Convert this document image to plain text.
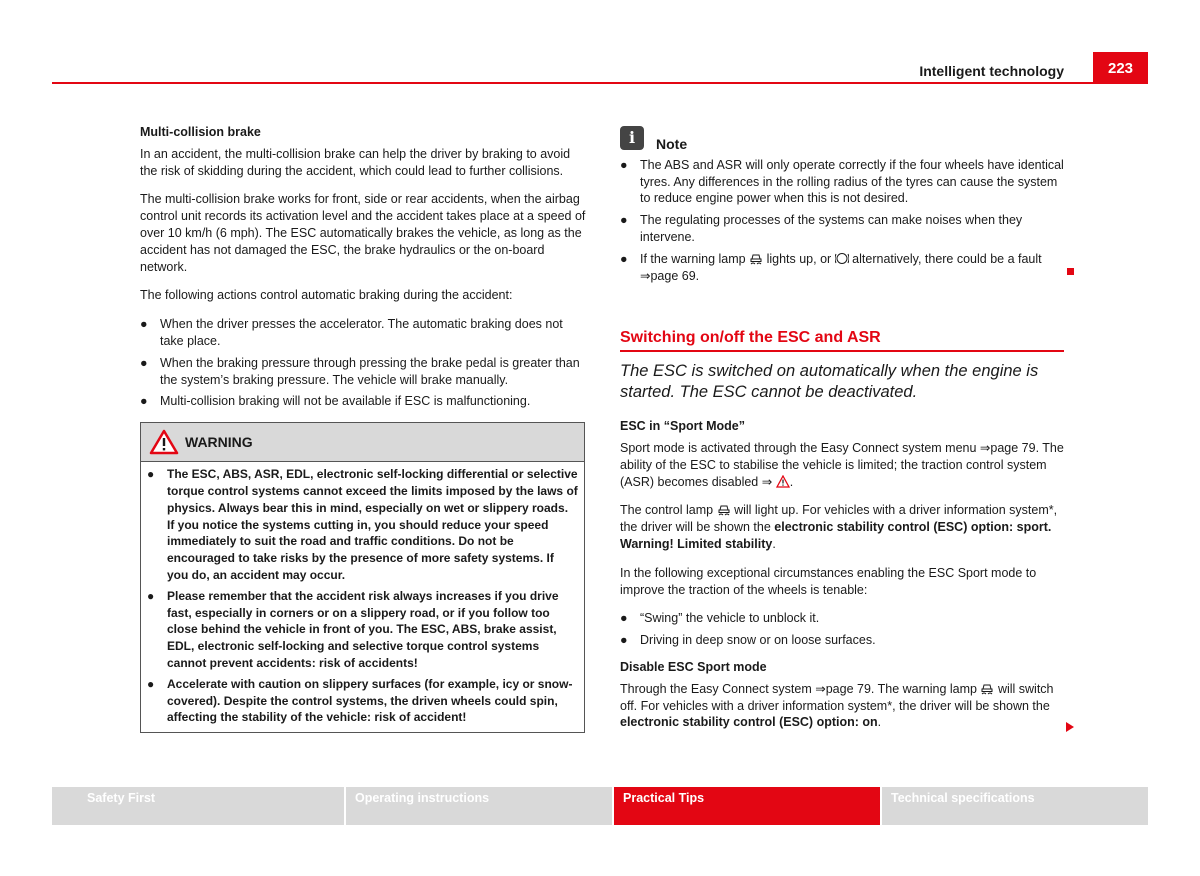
Intelligent technology	223
Multi-collision brake

In an accident, the multi-collision brake can help the driver by braking to avoid the risk of skidding during the accident, which could lead to further collisions.

The multi-collision brake works for front, side or rear accidents, when the airbag control unit records its activation level and the accident takes place at a speed of over 10 km/h (6 mph). The ESC automatically brakes the vehicle, as long as the accident has not damaged the ESC, the brake hydraulics or the on-board network.

The following actions control automatic braking during the accident:

● When the driver presses the accelerator. The automatic braking does not take place.
● When the braking pressure through pressing the brake pedal is greater than the system’s braking pressure. The vehicle will brake manually.
● Multi-collision braking will not be available if ESC is malfunctioning.
WARNING
●	The ESC, ABS, ASR, EDL, electronic self-locking differential or selective torque control systems cannot exceed the limits imposed by the laws of physics. Always bear this in mind, especially on wet or slippery roads. If you notice the systems cutting in, you should reduce your speed immediately to suit the road and traffic conditions. Do not be encouraged to take risks by the presence of more safety systems. If you do, an accident may occur.
●	Please remember that the accident risk always increases if you drive fast, especially in corners or on a slippery road, or if you follow too close behind the vehicle in front of you. The ESC, ABS, brake assist, EDL, electronic self-locking and selective torque control systems cannot prevent accidents: risk of accidents!
●	Accelerate with caution on slippery surfaces (for example, icy or snow-covered). Despite the control systems, the driven wheels could spin, affecting the stability of the vehicle: risk of accident!
i	Note
● The ABS and ASR will only operate correctly if the four wheels have identical tyres. Any differences in the rolling radius of the tyres can cause the system to reduce engine power when this is not desired.
● The regulating processes of the systems can make noises when they intervene.
● If the warning lamp lights up, or alternatively, there could be a fault ⇒page 69.
Switching on/off the ESC and ASR
The ESC is switched on automatically when the engine is started. The ESC cannot be deactivated.
ESC in “Sport Mode”

Sport mode is activated through the Easy Connect system menu ⇒page 79. The ability of the ESC to stabilise the vehicle is limited; the traction control system (ASR) becomes disabled ⇒ .

The control lamp will light up. For vehicles with a driver information system*, the driver will be shown the electronic stability control (ESC) option: sport. Warning! Limited stability.

In the following exceptional circumstances enabling the ESC Sport mode to improve the traction of the wheels is tenable:

● “Swing” the vehicle to unblock it.
● Driving in deep snow or on loose surfaces.
Disable ESC Sport mode

Through the Easy Connect system ⇒page 79. The warning lamp will switch off. For vehicles with a driver information system*, the driver will be shown the electronic stability control (ESC) option: on.

Safety First	Operating instructions	Practical Tips	Technical specifications
